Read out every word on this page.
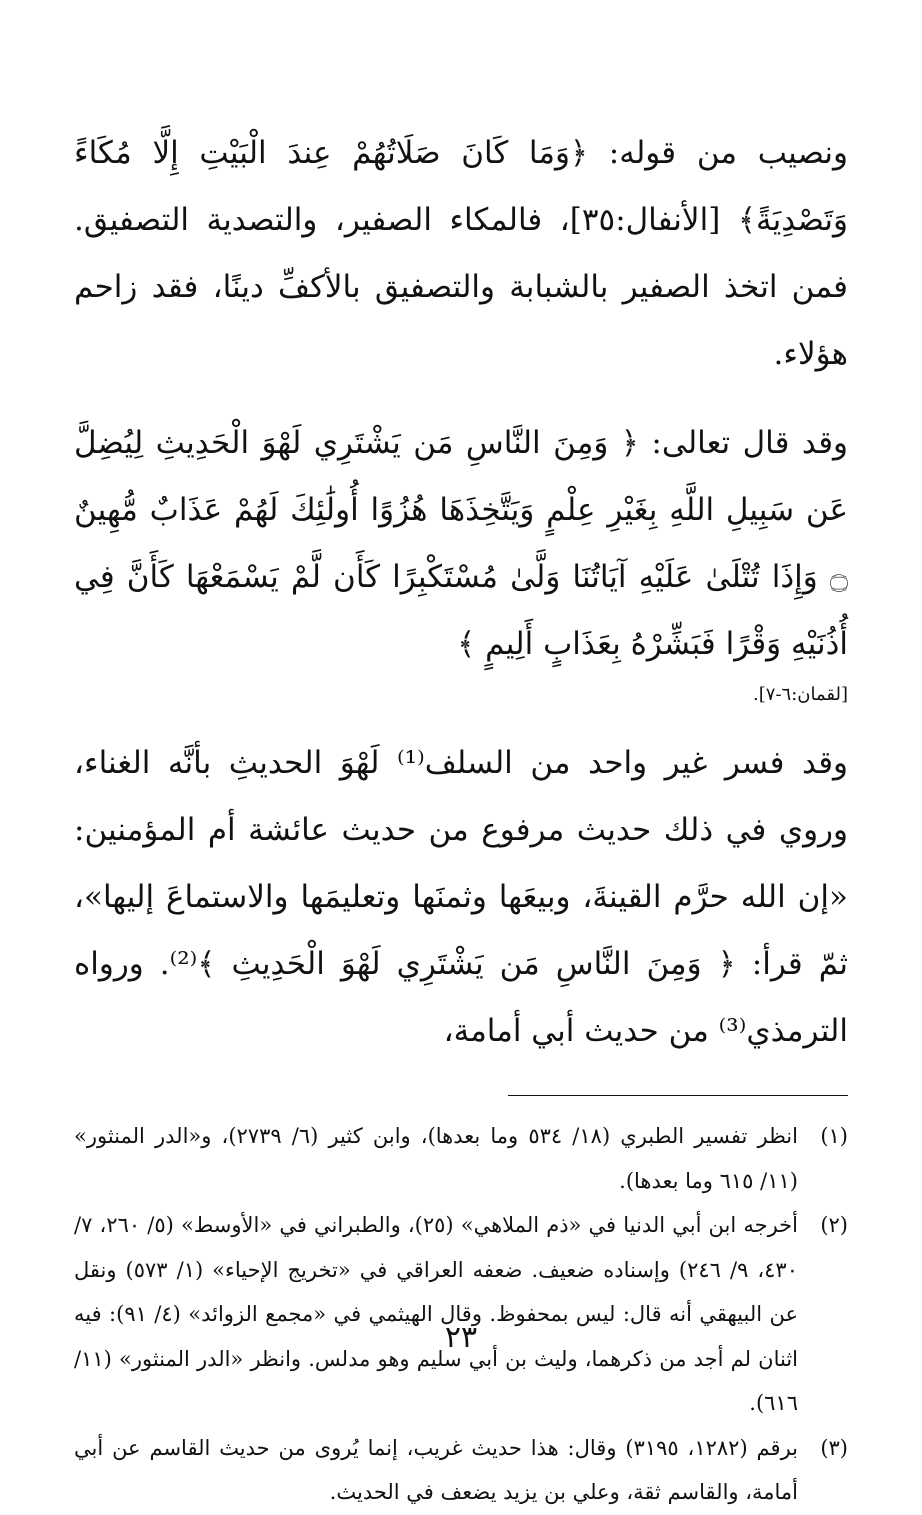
ونصيب من قوله: ﴿وَمَا كَانَ صَلَاتُهُمْ عِندَ الْبَيْتِ إِلَّا مُكَاءً وَتَصْدِيَةً﴾ [الأنفال:٣٥]، فالمكاء الصفير، والتصدية التصفيق. فمن اتخذ الصفير بالشبابة والتصفيق بالأكفِّ دينًا، فقد زاحم هؤلاء.

وقد قال تعالى: ﴿ وَمِنَ النَّاسِ مَن يَشْتَرِي لَهْوَ الْحَدِيثِ لِيُضِلَّ عَن سَبِيلِ اللَّهِ بِغَيْرِ عِلْمٍ وَيَتَّخِذَهَا هُزُوًا أُولَٰئِكَ لَهُمْ عَذَابٌ مُّهِينٌ ۝ وَإِذَا تُتْلَىٰ عَلَيْهِ آيَاتُنَا وَلَّىٰ مُسْتَكْبِرًا كَأَن لَّمْ يَسْمَعْهَا كَأَنَّ فِي أُذُنَيْهِ وَقْرًا فَبَشِّرْهُ بِعَذَابٍ أَلِيمٍ ﴾

[لقمان:٦-٧].

وقد فسر غير واحد من السلف⁽¹⁾ لَهْوَ الحديثِ بأنَّه الغناء، وروي في ذلك حديث مرفوع من حديث عائشة أم المؤمنين: «إن الله حرَّم القينةَ، وبيعَها وثمنَها وتعليمَها والاستماعَ إليها»، ثمّ قرأ: ﴿ وَمِنَ النَّاسِ مَن يَشْتَرِي لَهْوَ الْحَدِيثِ ﴾⁽²⁾. ورواه الترمذي⁽³⁾ من حديث أبي أمامة،

(١)
انظر تفسير الطبري (١٨/ ٥٣٤ وما بعدها)، وابن كثير (٦/ ٢٧٣٩)، و«الدر المنثور» (١١/ ٦١٥ وما بعدها).
(٢)
أخرجه ابن أبي الدنيا في «ذم الملاهي» (٢٥)، والطبراني في «الأوسط» (٥/ ٢٦٠، ٧/ ٤٣٠، ٩/ ٢٤٦) وإسناده ضعيف. ضعفه العراقي في «تخريج الإحياء» (١/ ٥٧٣) ونقل عن البيهقي أنه قال: ليس بمحفوظ. وقال الهيثمي في «مجمع الزوائد» (٤/ ٩١): فيه اثنان لم أجد من ذكرهما، وليث بن أبي سليم وهو مدلس. وانظر «الدر المنثور» (١١/ ٦١٦).
(٣)
برقم (١٢٨٢، ٣١٩٥) وقال: هذا حديث غريب، إنما يُروى من حديث القاسم عن أبي أمامة، والقاسم ثقة، وعلي بن يزيد يضعف في الحديث.
٢٣
